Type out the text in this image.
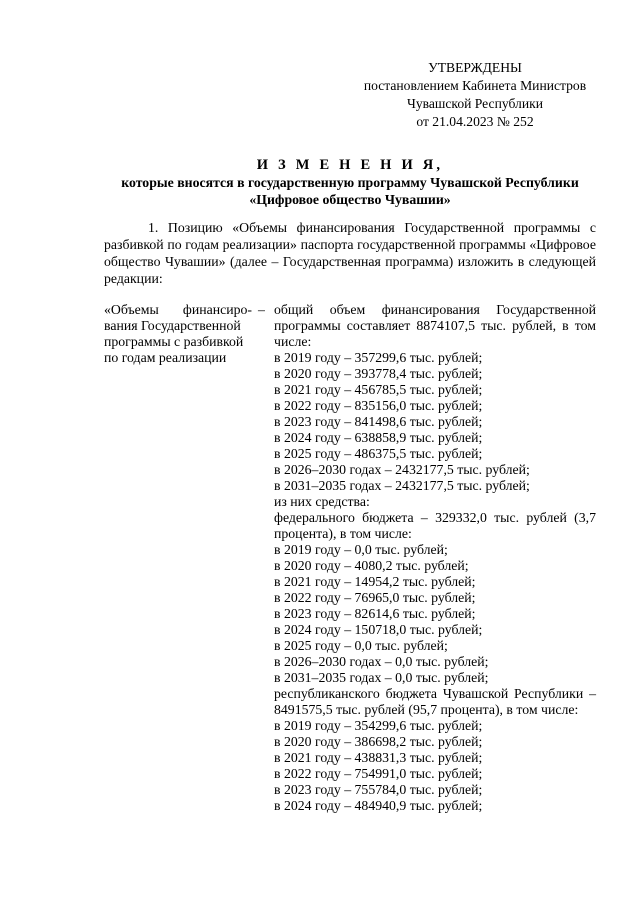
УТВЕРЖДЕНЫ
постановлением Кабинета Министров
Чувашской Республики
от 21.04.2023 № 252
И З М Е Н Е Н И Я,
которые вносятся в государственную программу Чувашской Республики
«Цифровое общество Чувашии»
1. Позицию «Объемы финансирования Государственной программы с разбивкой по годам реализации» паспорта государственной программы «Цифровое общество Чувашии» (далее – Государственная программа) изложить в следующей редакции:
«Объемы финансиро-
вания Государственной
программы с разбивкой
по годам реализации
– общий объем финансирования Государственной программы составляет 8874107,5 тыс. рублей, в том числе:
в 2019 году – 357299,6 тыс. рублей;
в 2020 году – 393778,4 тыс. рублей;
в 2021 году – 456785,5 тыс. рублей;
в 2022 году – 835156,0 тыс. рублей;
в 2023 году – 841498,6 тыс. рублей;
в 2024 году – 638858,9 тыс. рублей;
в 2025 году – 486375,5 тыс. рублей;
в 2026–2030 годах – 2432177,5 тыс. рублей;
в 2031–2035 годах – 2432177,5 тыс. рублей;
из них средства:
федерального бюджета – 329332,0 тыс. рублей (3,7 процента), в том числе:
в 2019 году – 0,0 тыс. рублей;
в 2020 году – 4080,2 тыс. рублей;
в 2021 году – 14954,2 тыс. рублей;
в 2022 году – 76965,0 тыс. рублей;
в 2023 году – 82614,6 тыс. рублей;
в 2024 году – 150718,0 тыс. рублей;
в 2025 году – 0,0 тыс. рублей;
в 2026–2030 годах – 0,0 тыс. рублей;
в 2031–2035 годах – 0,0 тыс. рублей;
республиканского бюджета Чувашской Республики – 8491575,5 тыс. рублей (95,7 процента), в том числе:
в 2019 году – 354299,6 тыс. рублей;
в 2020 году – 386698,2 тыс. рублей;
в 2021 году – 438831,3 тыс. рублей;
в 2022 году – 754991,0 тыс. рублей;
в 2023 году – 755784,0 тыс. рублей;
в 2024 году – 484940,9 тыс. рублей;
